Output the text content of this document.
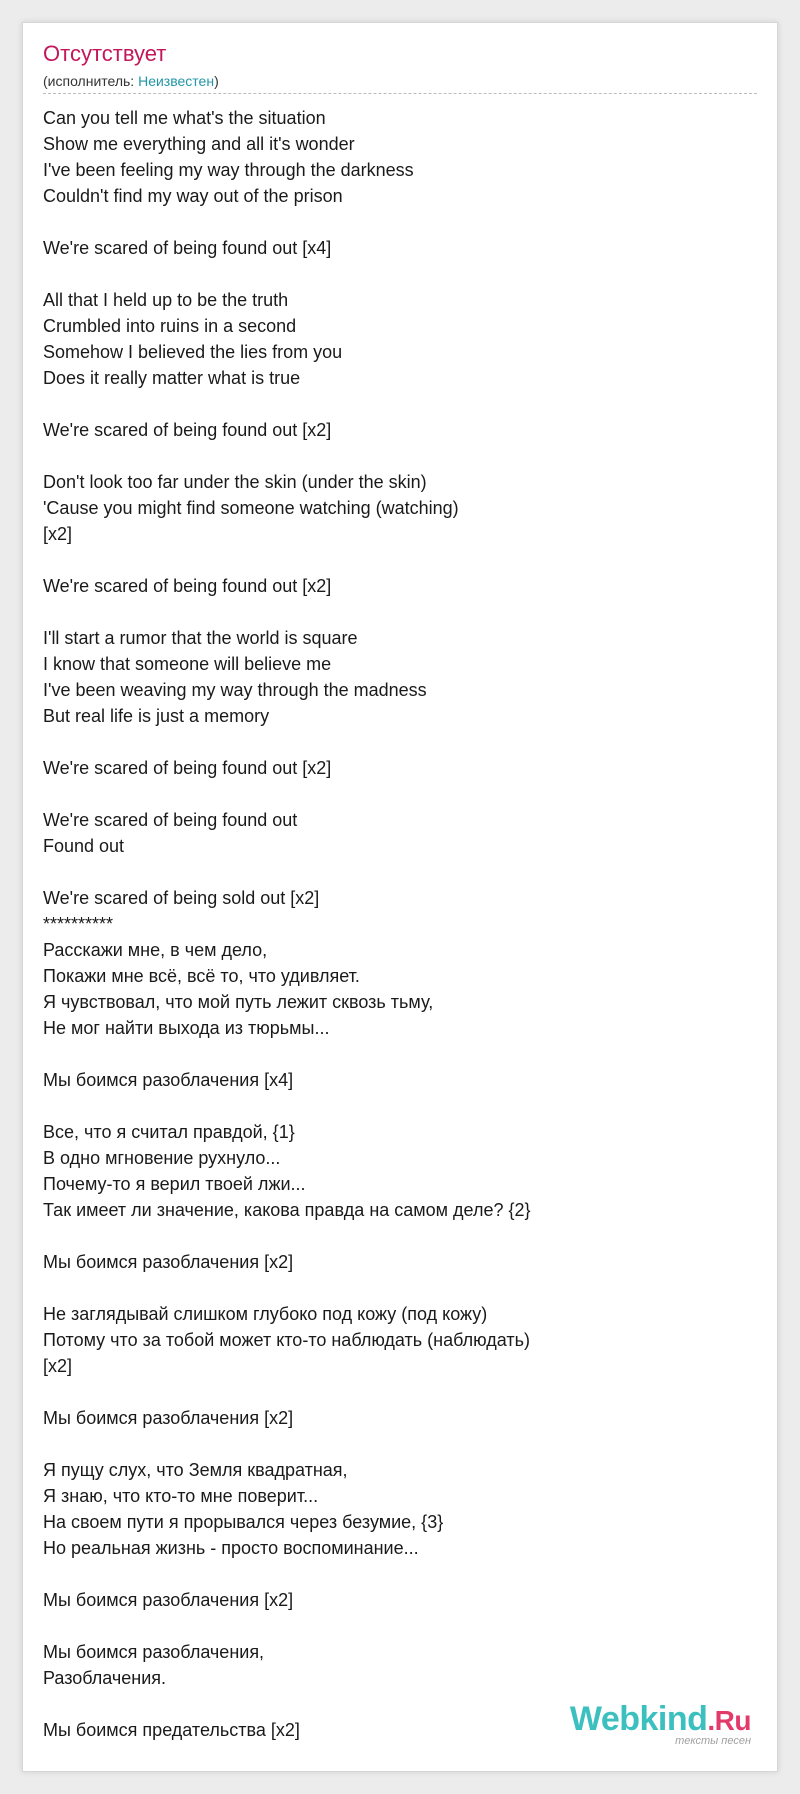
Отсутствует
(исполнитель: Неизвестен)
Can you tell me what's the situation
Show me everything and all it's wonder
I've been feeling my way through the darkness
Couldn't find my way out of the prison
We're scared of being found out [x4]
All that I held up to be the truth
Crumbled into ruins in a second
Somehow I believed the lies from you
Does it really matter what is true
We're scared of being found out [x2]
Don't look too far under the skin (under the skin)
'Cause you might find someone watching (watching)
[x2]
We're scared of being found out [x2]
I'll start a rumor that the world is square
I know that someone will believe me
I've been weaving my way through the madness
But real life is just a memory
We're scared of being found out [x2]
We're scared of being found out
Found out
We're scared of being sold out [x2]
**********
Расскажи мне, в чем дело,
Покажи мне всё, всё то, что удивляет.
Я чувствовал, что мой путь лежит сквозь тьму,
Не мог найти выхода из тюрьмы...
Мы боимся разоблачения [x4]
Все, что я считал правдой, {1}
В одно мгновение рухнуло...
Почему-то я верил твоей лжи...
Так имеет ли значение, какова правда на самом деле? {2}
Мы боимся разоблачения [x2]
Не заглядывай слишком глубоко под кожу (под кожу)
Потому что за тобой может кто-то наблюдать (наблюдать)
[x2]
Мы боимся разоблачения [x2]
Я пущу слух, что Земля квадратная,
Я знаю, что кто-то мне поверит...
На своем пути я прорывался через безумие, {3}
Но реальная жизнь - просто воспоминание...
Мы боимся разоблачения [x2]
Мы боимся разоблачения,
Разоблачения.
Мы боимся предательства [x2]	Webkind.Ru
тексты песен
